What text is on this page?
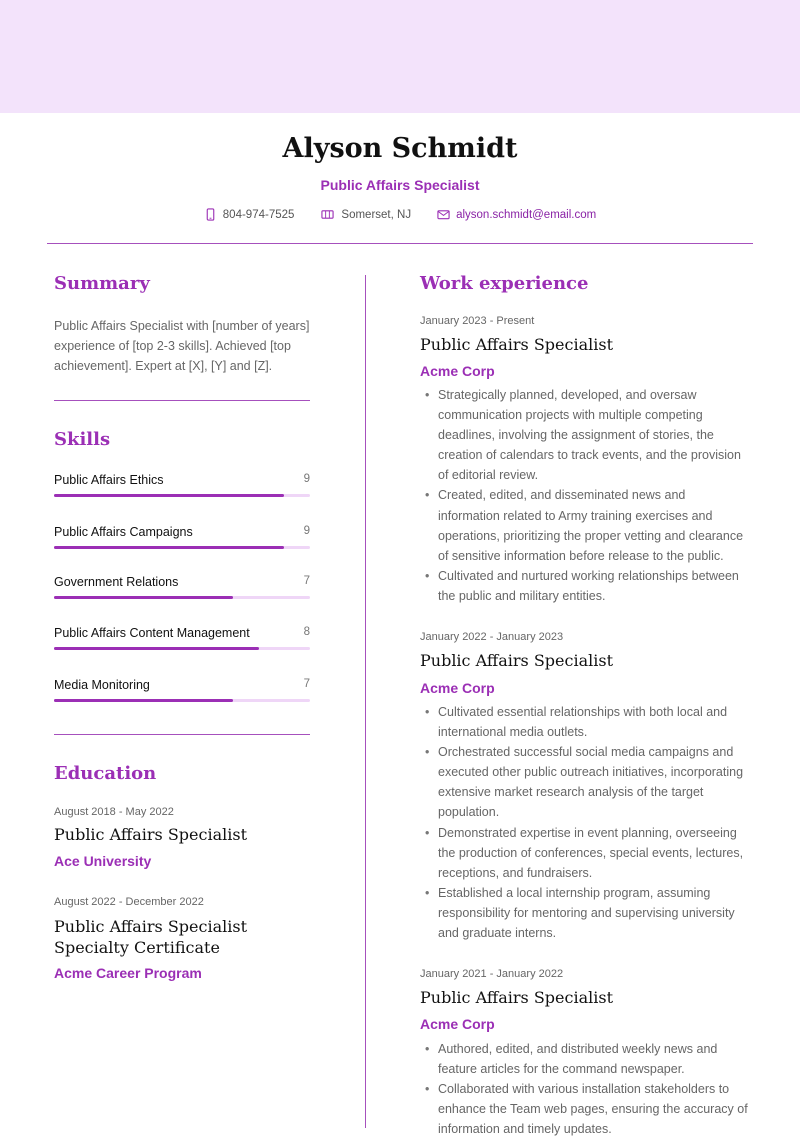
Alyson Schmidt
Public Affairs Specialist
804-974-7525	Somerset, NJ	alyson.schmidt@email.com
Summary
Public Affairs Specialist with [number of years] experience of [top 2-3 skills]. Achieved [top achievement]. Expert at [X], [Y] and [Z].
Skills
Public Affairs Ethics	9
Public Affairs Campaigns	9
Government Relations	7
Public Affairs Content Management	8
Media Monitoring	7
Education
August 2018 - May 2022
Public Affairs Specialist
Ace University
August 2022 - December 2022
Public Affairs Specialist Specialty Certificate
Acme Career Program
Work experience
January 2023 - Present
Public Affairs Specialist
Acme Corp
• Strategically planned, developed, and oversaw communication projects with multiple competing deadlines, involving the assignment of stories, the creation of calendars to track events, and the provision of editorial review.
• Created, edited, and disseminated news and information related to Army training exercises and operations, prioritizing the proper vetting and clearance of sensitive information before release to the public.
• Cultivated and nurtured working relationships between the public and military entities.
January 2022 - January 2023
Public Affairs Specialist
Acme Corp
• Cultivated essential relationships with both local and international media outlets.
• Orchestrated successful social media campaigns and executed other public outreach initiatives, incorporating extensive market research analysis of the target population.
• Demonstrated expertise in event planning, overseeing the production of conferences, special events, lectures, receptions, and fundraisers.
• Established a local internship program, assuming responsibility for mentoring and supervising university and graduate interns.
January 2021 - January 2022
Public Affairs Specialist
Acme Corp
• Authored, edited, and distributed weekly news and feature articles for the command newspaper.
• Collaborated with various installation stakeholders to enhance the Team web pages, ensuring the accuracy of information and timely updates.
